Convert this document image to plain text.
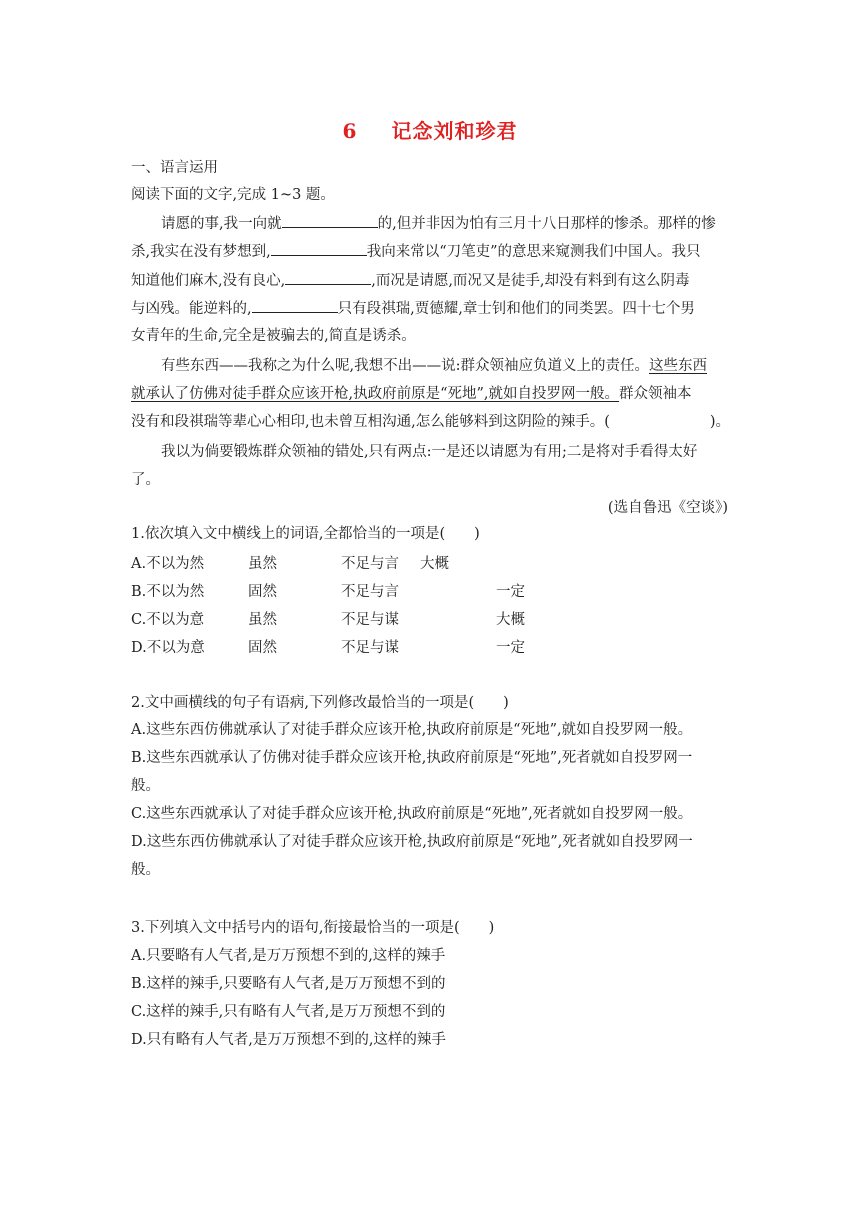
6 记念刘和珍君
一、语言运用
阅读下面的文字,完成 1~3 题。
请愿的事,我一向就	的,但并非因为怕有三月十八日那样的惨杀。那样的惨
杀,我实在没有梦想到,	我向来常以“刀笔吏”的意思来窥测我们中国人。我只
知道他们麻木,没有良心,	,而况是请愿,而况又是徒手,却没有料到有这么阴毒
与凶残。能逆料的,	只有段祺瑞,贾德耀,章士钊和他们的同类罢。四十七个男
女青年的生命,完全是被骗去的,简直是诱杀。
有些东西——我称之为什么呢,我想不出——说:群众领袖应负道义上的责任。这些东西
就承认了仿佛对徒手群众应该开枪,执政府前原是“死地”,就如自投罗网一般。群众领袖本
没有和段祺瑞等辈心心相印,也未曾互相沟通,怎么能够料到这阴险的辣手。(	)。
我以为倘要锻炼群众领袖的错处,只有两点:一是还以请愿为有用;二是将对手看得太好
了。
(选自鲁迅《空谈》)
1.依次填入文中横线上的词语,全都恰当的一项是(　　)
A.不以为然	虽然	不足与言 大概
B.不以为然	固然	不足与言	一定
C.不以为意	虽然	不足与谋	大概
D.不以为意	固然	不足与谋	一定
2.文中画横线的句子有语病,下列修改最恰当的一项是(　　)
A.这些东西仿佛就承认了对徒手群众应该开枪,执政府前原是“死地”,就如自投罗网一般。
B.这些东西就承认了仿佛对徒手群众应该开枪,执政府前原是“死地”,死者就如自投罗网一
般。
C.这些东西就承认了对徒手群众应该开枪,执政府前原是“死地”,死者就如自投罗网一般。
D.这些东西仿佛就承认了对徒手群众应该开枪,执政府前原是“死地”,死者就如自投罗网一
般。
3.下列填入文中括号内的语句,衔接最恰当的一项是(　　)
A.只要略有人气者,是万万预想不到的,这样的辣手
B.这样的辣手,只要略有人气者,是万万预想不到的
C.这样的辣手,只有略有人气者,是万万预想不到的
D.只有略有人气者,是万万预想不到的,这样的辣手
